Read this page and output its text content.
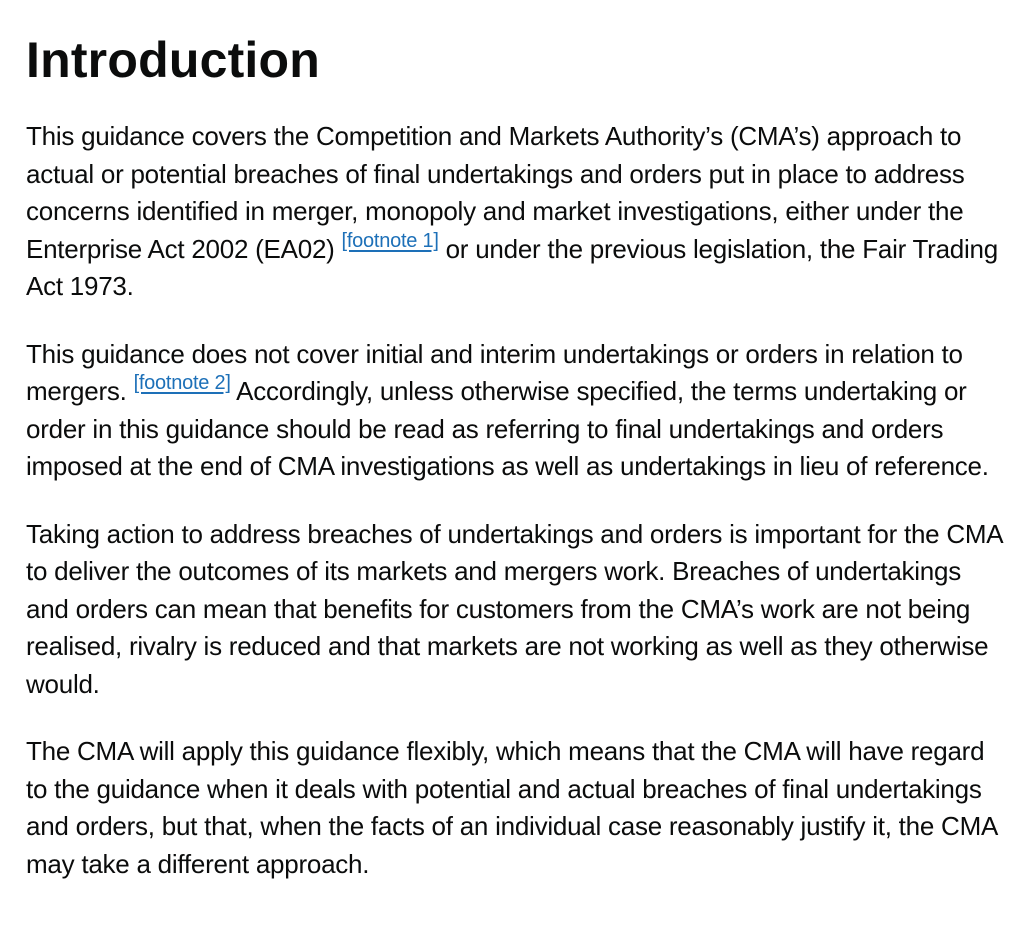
Introduction

This guidance covers the Competition and Markets Authority’s (CMA’s) approach to actual or potential breaches of final undertakings and orders put in place to address concerns identified in merger, monopoly and market investigations, either under the Enterprise Act 2002 (EA02) [footnote 1] or under the previous legislation, the Fair Trading Act 1973.

This guidance does not cover initial and interim undertakings or orders in relation to mergers. [footnote 2] Accordingly, unless otherwise specified, the terms undertaking or order in this guidance should be read as referring to final undertakings and orders imposed at the end of CMA investigations as well as undertakings in lieu of reference.

Taking action to address breaches of undertakings and orders is important for the CMA to deliver the outcomes of its markets and mergers work. Breaches of undertakings and orders can mean that benefits for customers from the CMA’s work are not being realised, rivalry is reduced and that markets are not working as well as they otherwise would.

The CMA will apply this guidance flexibly, which means that the CMA will have regard to the guidance when it deals with potential and actual breaches of final undertakings and orders, but that, when the facts of an individual case reasonably justify it, the CMA may take a different approach.
